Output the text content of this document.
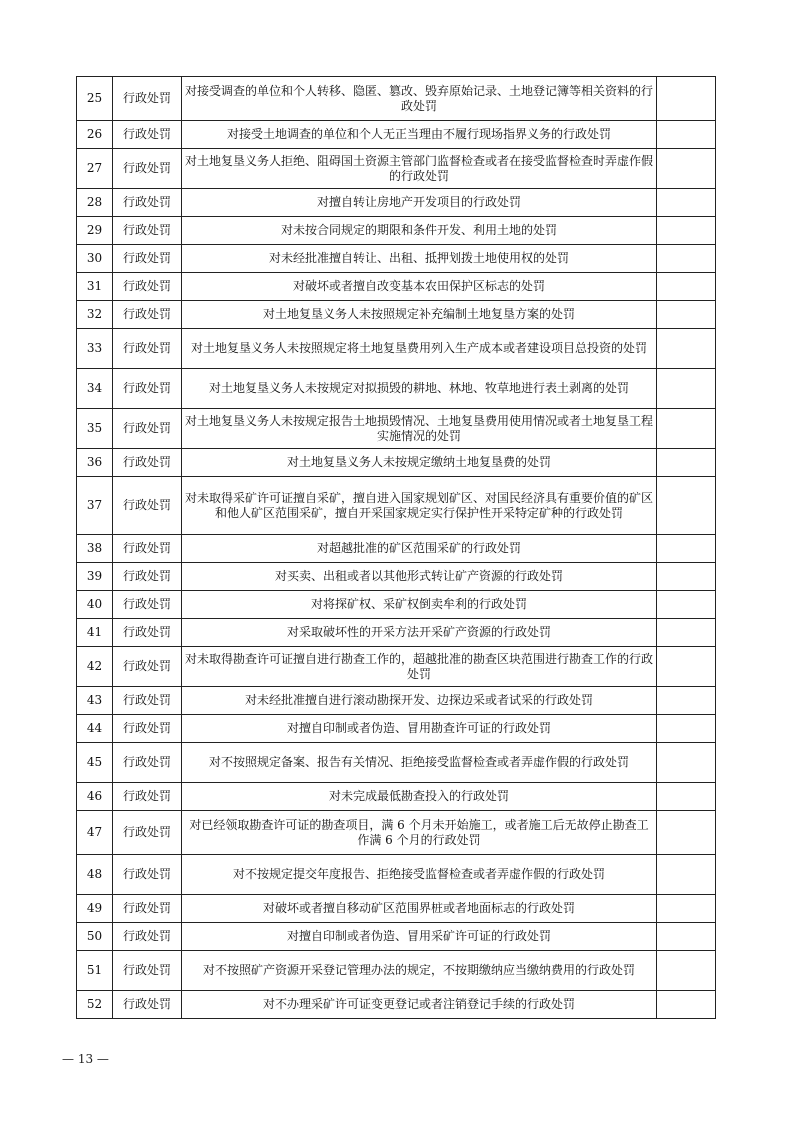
25	行政处罚	对接受调查的单位和个人转移、隐匿、篡改、毁弃原始记录、土地登记簿等相关资料的行政处罚	
26	行政处罚	对接受土地调查的单位和个人无正当理由不履行现场指界义务的行政处罚	
27	行政处罚	对土地复垦义务人拒绝、阻碍国土资源主管部门监督检查或者在接受监督检查时弄虚作假的行政处罚	
28	行政处罚	对擅自转让房地产开发项目的行政处罚	
29	行政处罚	对未按合同规定的期限和条件开发、利用土地的处罚	
30	行政处罚	对未经批准擅自转让、出租、抵押划拨土地使用权的处罚	
31	行政处罚	对破坏或者擅自改变基本农田保护区标志的处罚	
32	行政处罚	对土地复垦义务人未按照规定补充编制土地复垦方案的处罚	
33	行政处罚	对土地复垦义务人未按照规定将土地复垦费用列入生产成本或者建设项目总投资的处罚	
34	行政处罚	对土地复垦义务人未按规定对拟损毁的耕地、林地、牧草地进行表土剥离的处罚	
35	行政处罚	对土地复垦义务人未按规定报告土地损毁情况、土地复垦费用使用情况或者土地复垦工程实施情况的处罚	
36	行政处罚	对土地复垦义务人未按规定缴纳土地复垦费的处罚	
37	行政处罚	对未取得采矿许可证擅自采矿，擅自进入国家规划矿区、对国民经济具有重要价值的矿区和他人矿区范围采矿，擅自开采国家规定实行保护性开采特定矿种的行政处罚	
38	行政处罚	对超越批准的矿区范围采矿的行政处罚	
39	行政处罚	对买卖、出租或者以其他形式转让矿产资源的行政处罚	
40	行政处罚	对将探矿权、采矿权倒卖牟利的行政处罚	
41	行政处罚	对采取破坏性的开采方法开采矿产资源的行政处罚	
42	行政处罚	对未取得勘查许可证擅自进行勘查工作的，超越批准的勘查区块范围进行勘查工作的行政处罚	
43	行政处罚	对未经批准擅自进行滚动勘探开发、边探边采或者试采的行政处罚	
44	行政处罚	对擅自印制或者伪造、冒用勘查许可证的行政处罚	
45	行政处罚	对不按照规定备案、报告有关情况、拒绝接受监督检查或者弄虚作假的行政处罚	
46	行政处罚	对未完成最低勘查投入的行政处罚	
47	行政处罚	对已经领取勘查许可证的勘查项目，满 6 个月未开始施工，或者施工后无故停止勘查工作满 6 个月的行政处罚	
48	行政处罚	对不按规定提交年度报告、拒绝接受监督检查或者弄虚作假的行政处罚	
49	行政处罚	对破坏或者擅自移动矿区范围界桩或者地面标志的行政处罚	
50	行政处罚	对擅自印制或者伪造、冒用采矿许可证的行政处罚	
51	行政处罚	对不按照矿产资源开采登记管理办法的规定，不按期缴纳应当缴纳费用的行政处罚	
52	行政处罚	对不办理采矿许可证变更登记或者注销登记手续的行政处罚	
— 13 —
